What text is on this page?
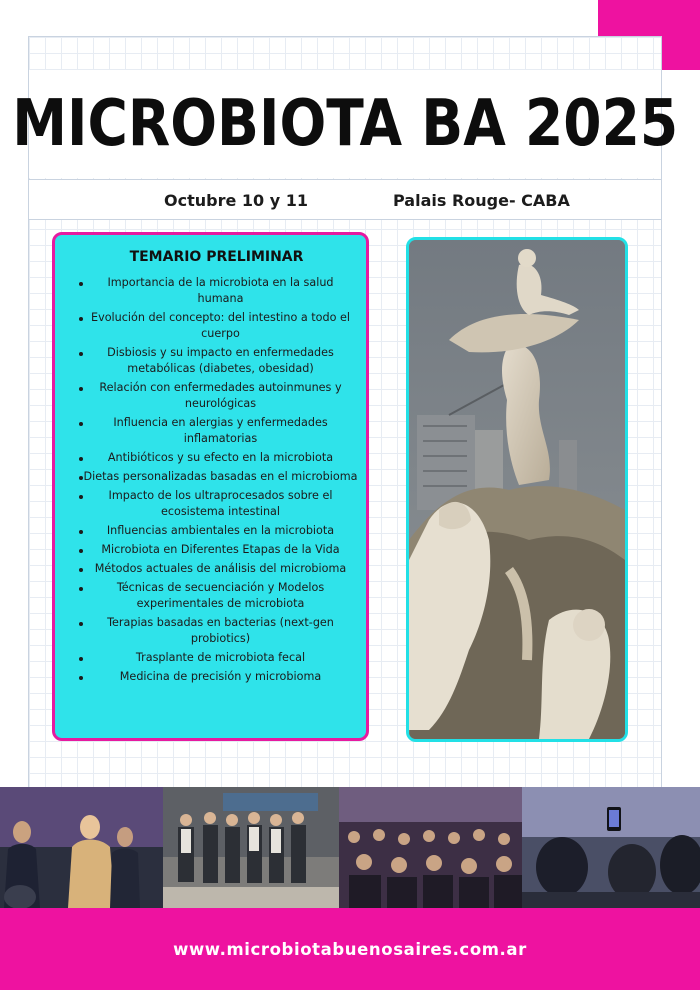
MICROBIOTA BA 2025
Octubre 10 y 11	Palais Rouge- CABA
TEMARIO PRELIMINAR
Importancia de la microbiota en la salud humana
Evolución del concepto: del intestino a todo el cuerpo
Disbiosis y su impacto en enfermedades metabólicas (diabetes, obesidad)
Relación con enfermedades autoinmunes y neurológicas
Influencia en alergias y enfermedades inflamatorias
Antibióticos y su efecto en la microbiota
Dietas personalizadas basadas en el microbioma
Impacto de los ultraprocesados sobre el ecosistema intestinal
Influencias ambientales en la microbiota
Microbiota en Diferentes Etapas de la Vida
Métodos actuales de análisis del microbioma
Técnicas de secuenciación y Modelos experimentales de microbiota
Terapias basadas en bacterias (next-gen probiotics)
Trasplante de microbiota fecal
Medicina de precisión y microbioma
www.microbiotabuenosaires.com.ar
